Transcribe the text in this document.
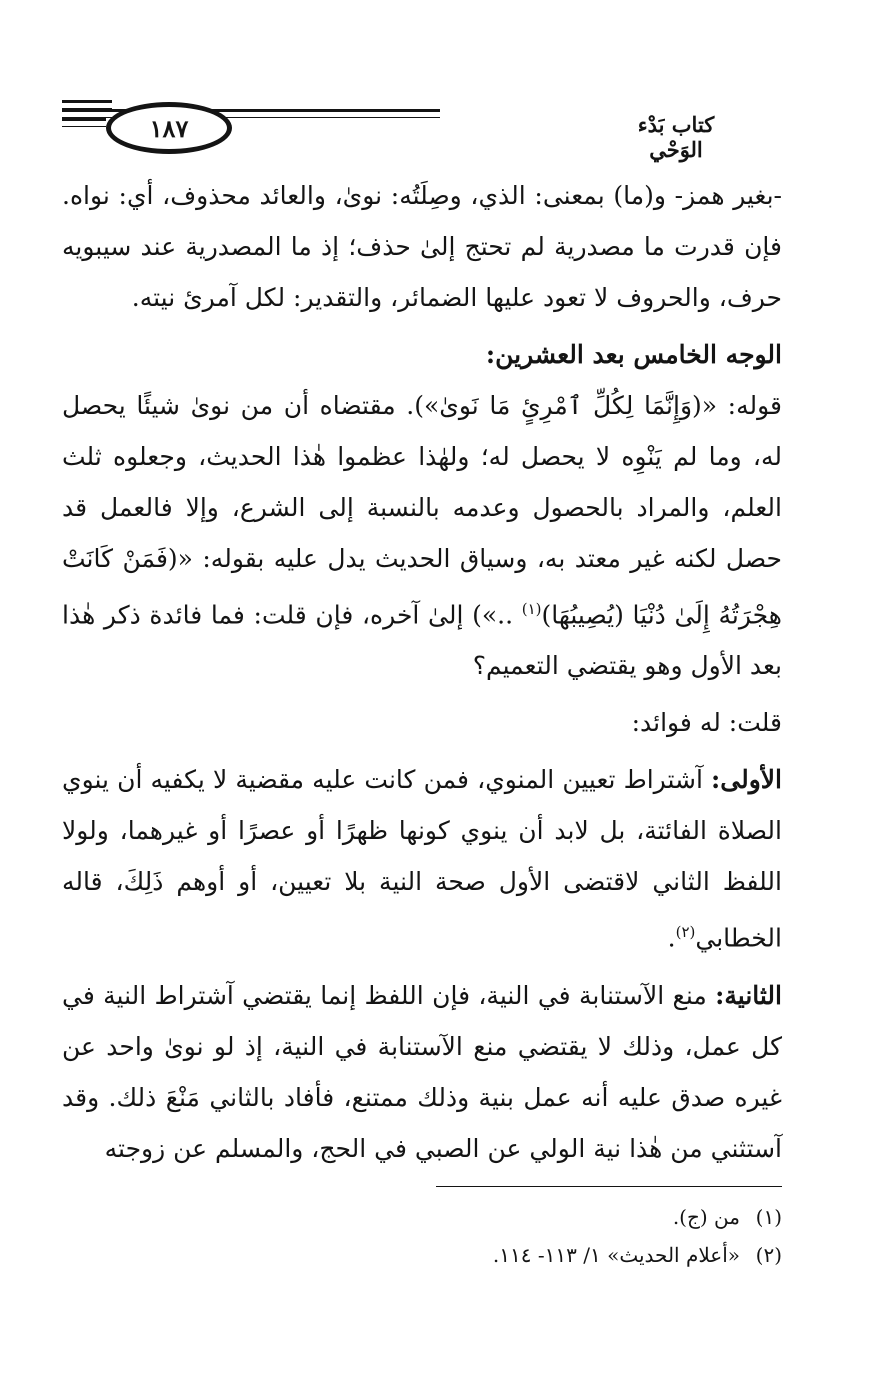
١٨٧	كتاب بَدْء الوَحْي

-بغير همز- و(ما) بمعنى: الذي، وصِلَتُه: نوىٰ، والعائد محذوف، أي: نواه. فإن قدرت ما مصدرية لم تحتج إلىٰ حذف؛ إذ ما المصدرية عند سيبويه حرف، والحروف لا تعود عليها الضمائر، والتقدير: لكل آمرئ نيته.

الوجه الخامس بعد العشرين:

قوله: «(وَإِنَّمَا لِكُلِّ ٱمْرِئٍ مَا نَوىٰ»). مقتضاه أن من نوىٰ شيئًا يحصل له، وما لم يَنْوِه لا يحصل له؛ ولهٰذا عظموا هٰذا الحديث، وجعلوه ثلث العلم، والمراد بالحصول وعدمه بالنسبة إلى الشرع، وإلا فالعمل قد حصل لكنه غير معتد به، وسياق الحديث يدل عليه بقوله: «(فَمَنْ كَانَتْ هِجْرَتُهُ إِلَىٰ دُنْيَا (يُصِيبُهَا)$^{(١)}$ ..») إلىٰ آخره، فإن قلت: فما فائدة ذكر هٰذا بعد الأول وهو يقتضي التعميم؟

قلت: له فوائد:

الأولى: آشتراط تعيين المنوي، فمن كانت عليه مقضية لا يكفيه أن ينوي الصلاة الفائتة، بل لابد أن ينوي كونها ظهرًا أو عصرًا أو غيرهما، ولولا اللفظ الثاني لاقتضى الأول صحة النية بلا تعيين، أو أوهم ذَلِكَ، قاله الخطابي$^{(٢)}$.

الثانية: منع الآستنابة في النية، فإن اللفظ إنما يقتضي آشتراط النية في كل عمل، وذلك لا يقتضي منع الآستنابة في النية، إذ لو نوىٰ واحد عن غيره صدق عليه أنه عمل بنية وذلك ممتنع، فأفاد بالثاني مَنْعَ ذلك. وقد آستثني من هٰذا نية الولي عن الصبي في الحج، والمسلم عن زوجته

(١)من (ج).

(٢)«أعلام الحديث» ١/ ١١٣- ١١٤.
